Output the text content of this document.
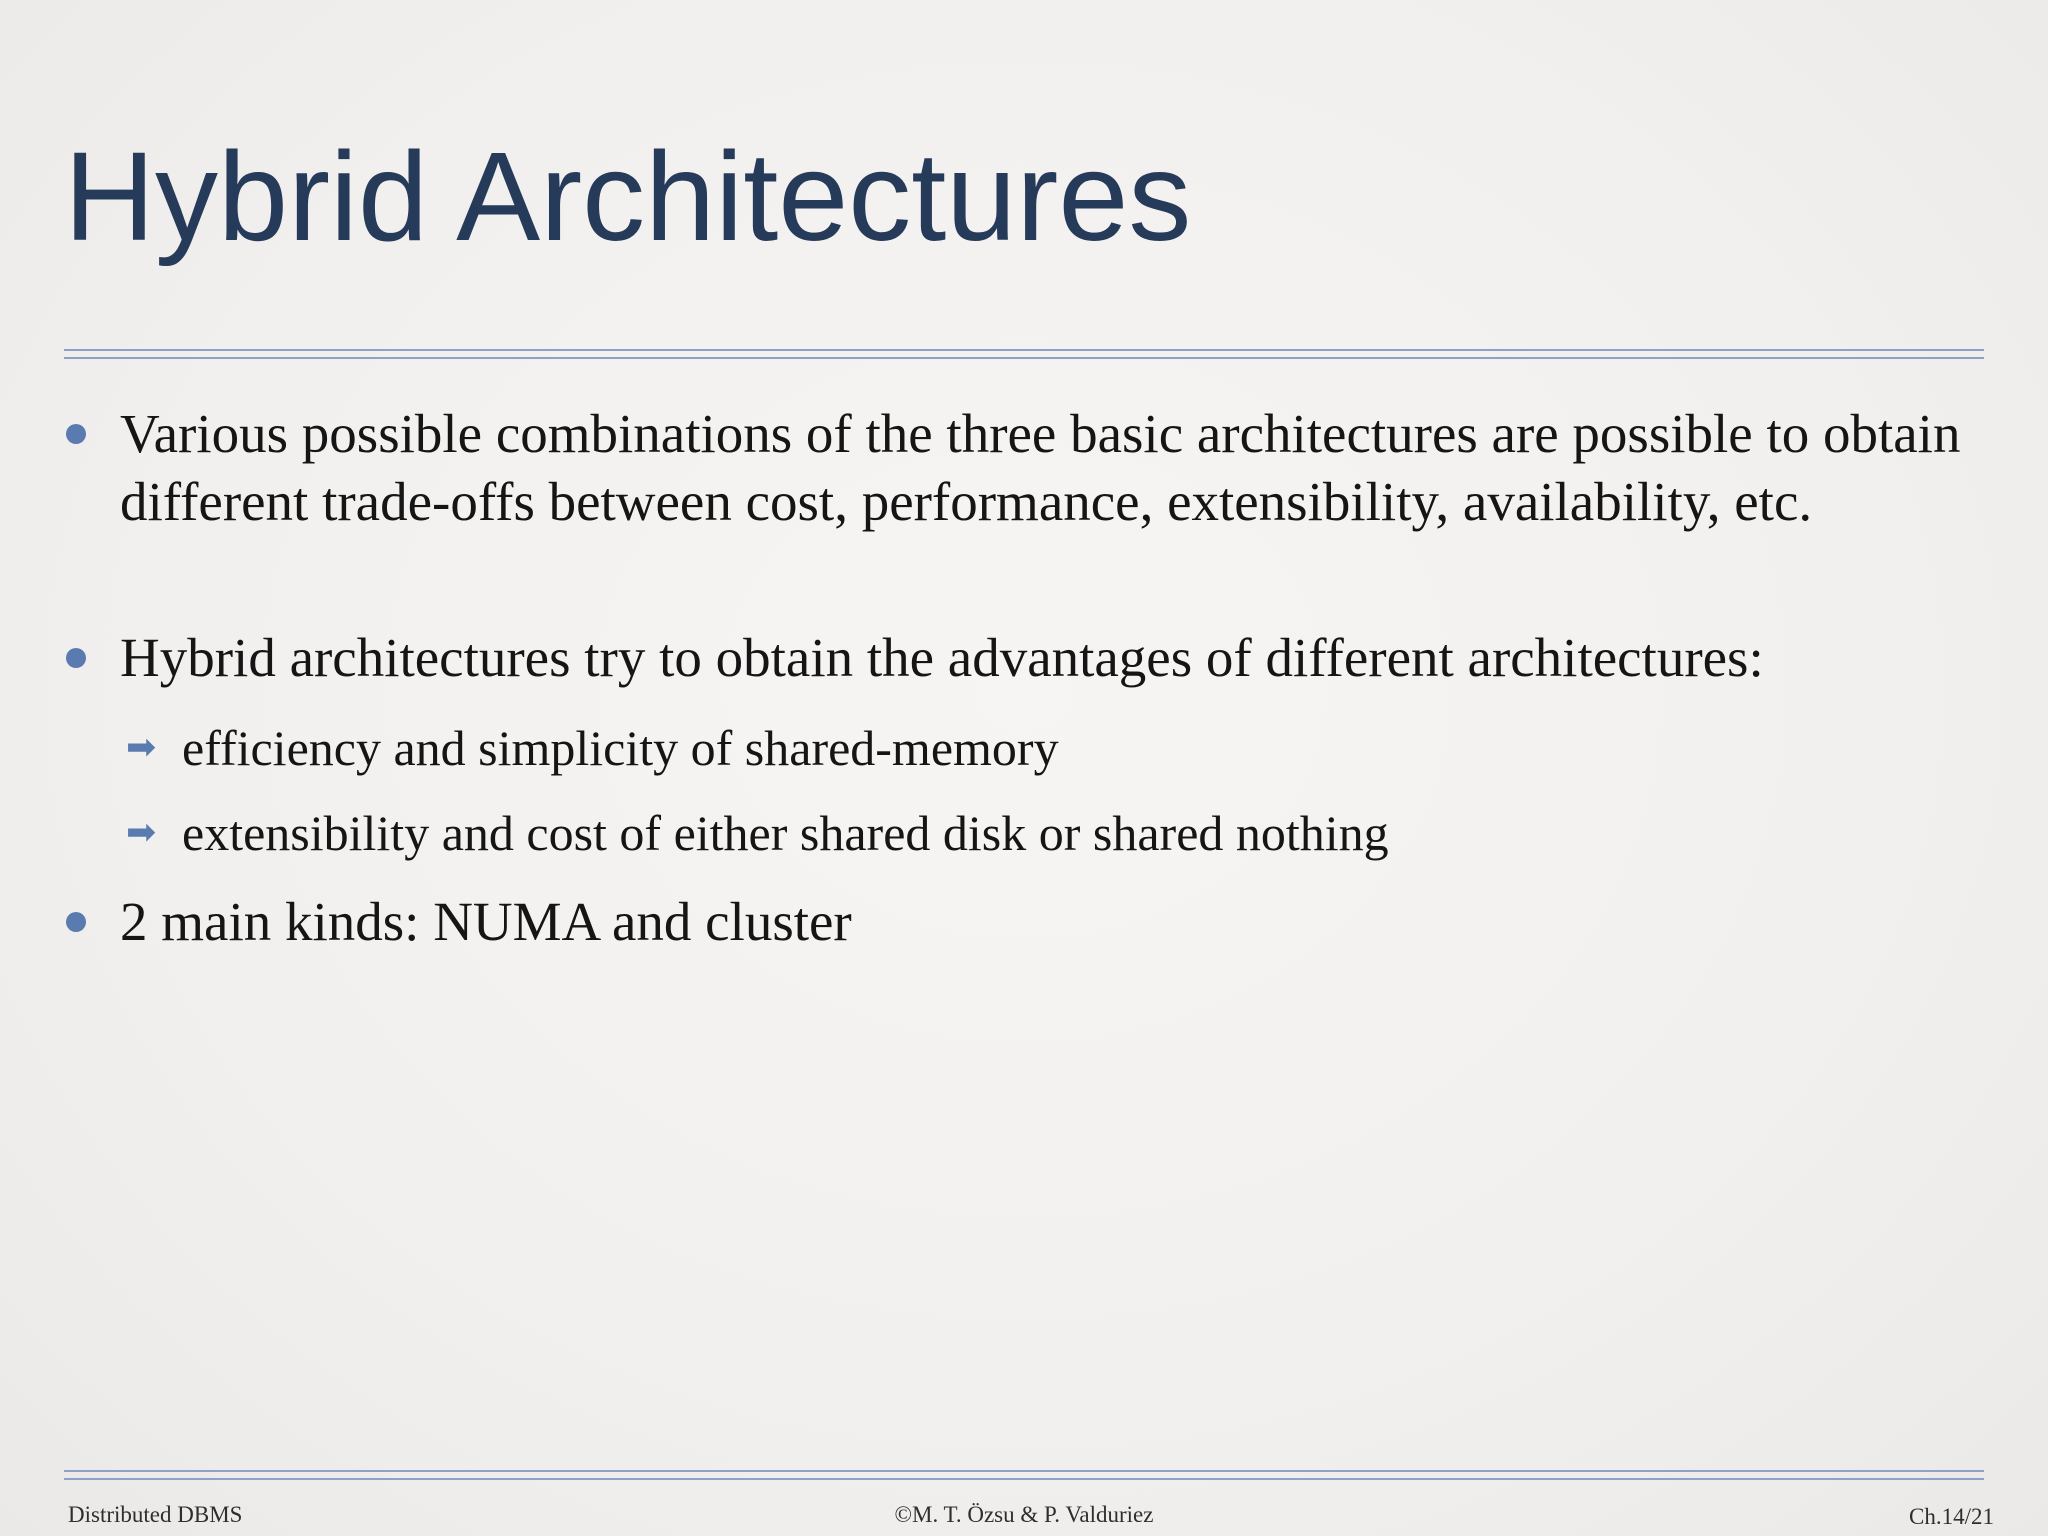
Hybrid Architectures
Various possible combinations of the three basic architectures are possible to obtain different trade-offs between cost, performance, extensibility, availability, etc.
Hybrid architectures try to obtain the advantages of different architectures:
➡ efficiency and simplicity of shared-memory
➡ extensibility and cost of either shared disk or shared nothing
2 main kinds: NUMA and cluster
Distributed DBMS	©M. T. Özsu & P. Valduriez	Ch.14/21
